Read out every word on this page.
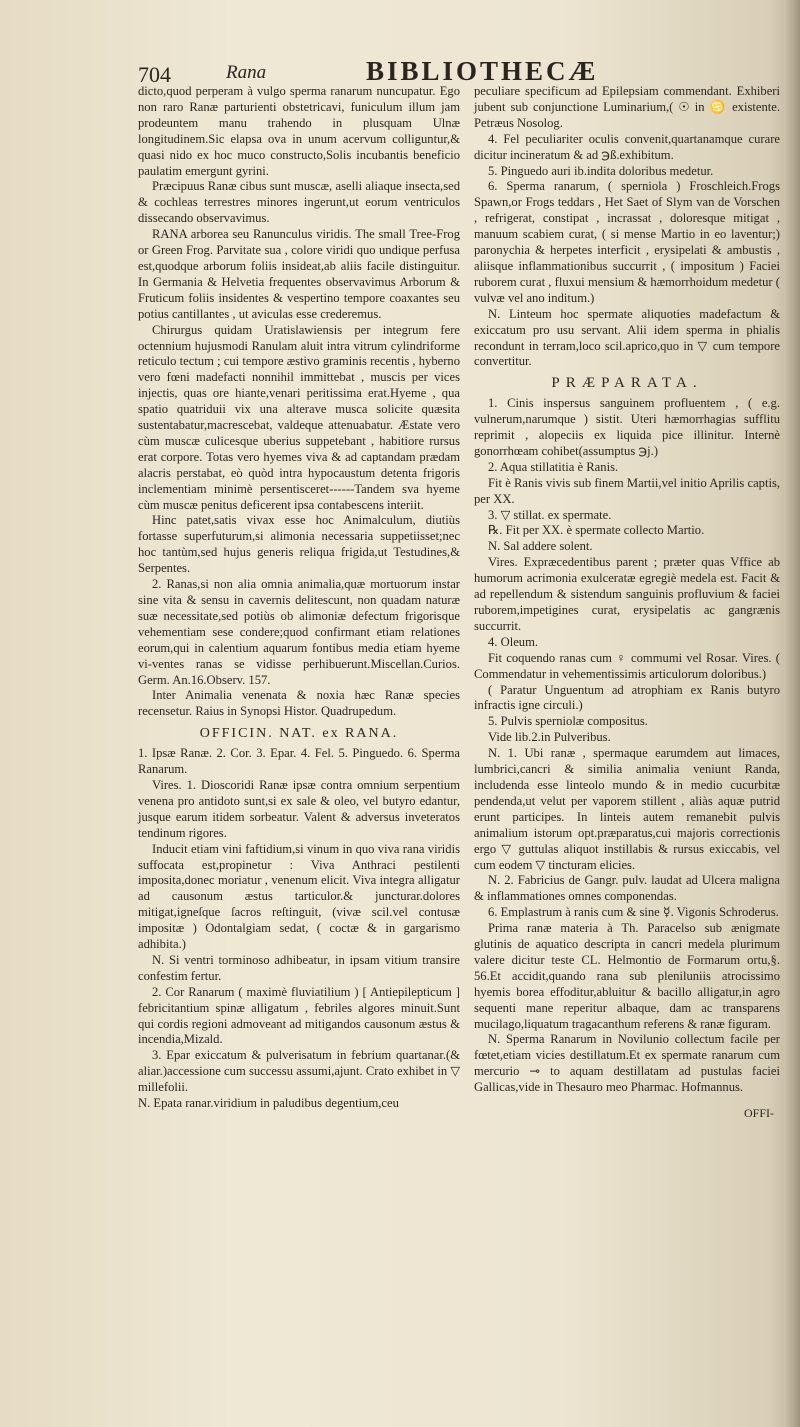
704	Rana	BIBLIOTHECÆ

dicto,quod perperam à vulgo sperma ranarum nuncupatur. Ego non raro Ranæ parturienti obstetricavi, funiculum illum jam prodeuntem manu trahendo in plusquam Ulnæ longitudinem.Sic elapsa ova in unum acervum colliguntur,& quasi nido ex hoc muco constructo,Solis incubantis beneficio paulatim emergunt gyrini.

Præcipuus Ranæ cibus sunt muscæ, aselli aliaque insecta,sed & cochleas terrestres minores ingerunt,ut eorum ventriculos dissecando observavimus.

RANA arborea seu Ranunculus viridis. The small Tree-Frog or Green Frog. Parvitate sua , colore viridi quo undique perfusa est,quodque arborum foliis insideat,ab aliis facile distinguitur. In Germania & Helvetia frequentes observavimus Arborum & Fruticum foliis insidentes & vespertino tempore coaxantes seu potius cantillantes , ut aviculas esse crederemus.

Chirurgus quidam Uratislawiensis per integrum fere octennium hujusmodi Ranulam aluit intra vitrum cylindriforme reticulo tectum ; cui tempore æstivo graminis recentis , hyberno vero fœni madefacti nonnihil immittebat , muscis per vices injectis, quas ore hiante,venari peritissima erat.Hyeme , qua spatio quatriduii vix una alterave musca solicite quæsita sustentabatur,macrescebat, valdeque attenuabatur. Æstate vero cùm muscæ culicesque uberius suppetebant , habitiore rursus erat corpore. Totas vero hyemes viva & ad captandam prædam alacris perstabat, eò quòd intra hypocaustum detenta frigoris inclementiam minimè persentisceret------Tandem sva hyeme cùm muscæ penitus deficerent ipsa contabescens interiit.

Hinc patet,satis vivax esse hoc Animalculum, diutiùs fortasse superfuturum,si alimonia necessaria suppetiisset;nec hoc tantùm,sed hujus generis reliqua frigida,ut Testudines,& Serpentes.

2. Ranas,si non alia omnia animalia,quæ mortuorum instar sine vita & sensu in cavernis delitescunt, non quadam naturæ suæ necessitate,sed potiùs ob alimoniæ defectum frigorisque vehementiam sese condere;quod confirmant etiam relationes eorum,qui in calentium aquarum fontibus media etiam hyeme vi-ventes ranas se vidisse perhibuerunt.Miscellan.Curios. Germ. An.16.Observ. 157.

Inter Animalia venenata & noxia hæc Ranæ species recensetur. Raius in Synopsi Histor. Quadrupedum.

OFFICIN. NAT. ex RANA.

1. Ipsæ Ranæ. 2. Cor. 3. Epar. 4. Fel. 5. Pinguedo. 6. Sperma Ranarum.

Vires. 1. Dioscoridi Ranæ ipsæ contra omnium serpentium venena pro antidoto sunt,si ex sale & oleo, vel butyro edantur, jusque earum itidem sorbeatur. Valent & adversus inveteratos tendinum rigores.

Inducit etiam vini faftidium,si vinum in quo viva rana viridis suffocata est,propinetur : Viva Anthraci pestilenti imposita,donec moriatur , venenum elicit. Viva integra alligatur ad causonum æstus tarticulor.& juncturar.dolores mitigat,igneſque ſacros reſtinguit, (vivæ scil.vel contusæ impositæ ) Odontalgiam sedat, ( coctæ & in gargarismo adhibita.)

N. Si ventri torminoso adhibeatur, in ipsam vitium transire confestim fertur.

2. Cor Ranarum ( maximè fluviatilium ) [ Antiepilepticum ] febricitantium spinæ alligatum , febriles algores minuit.Sunt qui cordis regioni admoveant ad mitigandos causonum æstus & incendia,Mizald.

3. Epar exiccatum & pulverisatum in febrium quartanar.(& aliar.)accessione cum successu assumi,ajunt. Crato exhibet in ▽ millefolii.

N. Epata ranar.viridium in paludibus degentium,ceu

peculiare specificum ad Epilepsiam commendant. Exhiberi jubent sub conjunctione Luminarium,( ☉ in ♋ existente. Petræus Nosolog.

4. Fel peculiariter oculis convenit,quartanamque curare dicitur incineratum & ad ℈ß.exhibitum.

5. Pinguedo auri ib.indita doloribus medetur.

6. Sperma ranarum, ( sperniola ) Froschleich.Frogs Spawn,or Frogs teddars , Het Saet of Slym van de Vorschen , refrigerat, constipat , incrassat , doloresque mitigat , manuum scabiem curat, ( si mense Martio in eo laventur;) paronychia & herpetes interficit , erysipelati & ambustis , aliisque inflammationibus succurrit , ( impositum ) Faciei ruborem curat , fluxui mensium & hæmorrhoidum medetur ( vulvæ vel ano inditum.)

N. Linteum hoc spermate aliquoties madefactum & exiccatum pro usu servant. Alii idem sperma in phialis recondunt in terram,loco scil.aprico,quo in ▽ cum tempore convertitur.

PRÆPARATA.

1. Cinis inspersus sanguinem profluentem , ( e.g. vulnerum,narumque ) sistit. Uteri hæmorrhagias sufflitu reprimit , alopeciis ex liquida pice illinitur. Internè gonorrhœam cohibet(assumptus ℈j.)

2. Aqua stillatitia è Ranis.

Fit è Ranis vivis sub finem Martii,vel initio Aprilis captis, per XX.

3. ▽ stillat. ex spermate.

℞. Fit per XX. è spermate collecto Martio.

N. Sal addere solent.

Vires. Expræcedentibus parent ; præter quas Vffice ab humorum acrimonia exulceratæ egregiè medela est. Facit & ad repellendum & sistendum sanguinis profluvium & faciei ruborem,impetigines curat, erysipelatis ac gangrænis succurrit.

4. Oleum.

Fit coquendo ranas cum ♀ commumi vel Rosar. Vires. ( Commendatur in vehementissimis articulorum doloribus.)

( Paratur Unguentum ad atrophiam ex Ranis butyro infractis igne circuli.)

5. Pulvis sperniolæ compositus.

Vide lib.2.in Pulveribus.

N. 1. Ubi ranæ , spermaque earumdem aut limaces, lumbrici,cancri & similia animalia veniunt Randa, includenda esse linteolo mundo & in medio cucurbitæ pendenda,ut velut per vaporem stillent , aliàs aquæ putrid erunt participes. In linteis autem remanebit pulvis animalium istorum opt.præparatus,cui majoris correctionis ergo ▽ guttulas aliquot instillabis & rursus exiccabis, vel cum eodem ▽ tincturam elicies.

N. 2. Fabricius de Gangr. pulv. laudat ad Ulcera maligna & inflammationes omnes componendas.

6. Emplastrum à ranis cum & sine ☿. Vigonis Schroderus.

Prima ranæ materia à Th. Paracelso sub ænigmate glutinis de aquatico descripta in cancri medela plurimum valere dicitur teste CL. Helmontio de Formarum ortu,§. 56.Et accidit,quando rana sub pleniluniis atrocissimo hyemis borea effoditur,abluitur & bacillo alligatur,in agro sequenti mane reperitur albaque, dam ac transparens mucilago,liquatum tragacanthum referens & ranæ figuram.

N. Sperma Ranarum in Novilunio collectum facile per fœtet,etiam vicies destillatum.Et ex spermate ranarum cum mercurio ⊸ to aquam destillatam ad pustulas faciei Gallicas,vide in Thesauro meo Pharmac. Hofmannus.

OFFI-
